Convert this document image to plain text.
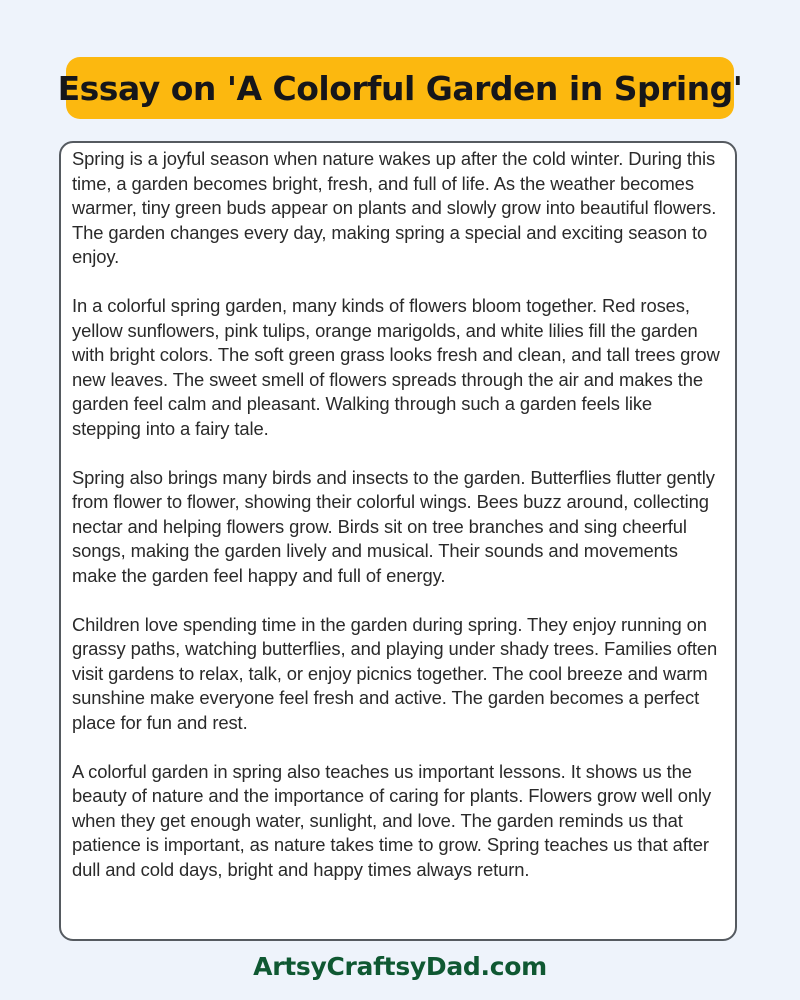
Essay on 'A Colorful Garden in Spring'

Spring is a joyful season when nature wakes up after the cold winter. During this time, a garden becomes bright, fresh, and full of life. As the weather becomes warmer, tiny green buds appear on plants and slowly grow into beautiful flowers. The garden changes every day, making spring a special and exciting season to enjoy.

In a colorful spring garden, many kinds of flowers bloom together. Red roses, yellow sunflowers, pink tulips, orange marigolds, and white lilies fill the garden with bright colors. The soft green grass looks fresh and clean, and tall trees grow new leaves. The sweet smell of flowers spreads through the air and makes the garden feel calm and pleasant. Walking through such a garden feels like stepping into a fairy tale.

Spring also brings many birds and insects to the garden. Butterflies flutter gently from flower to flower, showing their colorful wings. Bees buzz around, collecting nectar and helping flowers grow. Birds sit on tree branches and sing cheerful songs, making the garden lively and musical. Their sounds and movements make the garden feel happy and full of energy.

Children love spending time in the garden during spring. They enjoy running on grassy paths, watching butterflies, and playing under shady trees. Families often visit gardens to relax, talk, or enjoy picnics together. The cool breeze and warm sunshine make everyone feel fresh and active. The garden becomes a perfect place for fun and rest.

A colorful garden in spring also teaches us important lessons. It shows us the beauty of nature and the importance of caring for plants. Flowers grow well only when they get enough water, sunlight, and love. The garden reminds us that patience is important, as nature takes time to grow. Spring teaches us that after dull and cold days, bright and happy times always return.

ArtsyCraftsyDad.com
